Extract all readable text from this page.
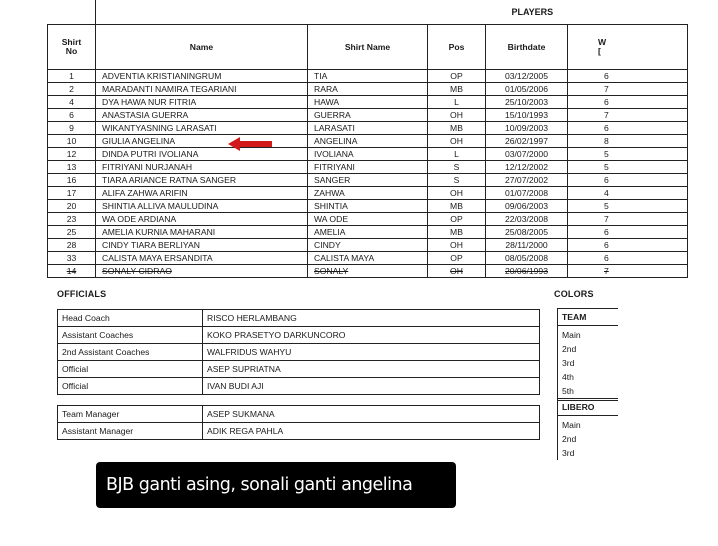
				PLAYERS	
Shirt
No	Name	Shirt Name	Pos	Birthdate	W
[
1	ADVENTIA KRISTIANINGRUM	TIA	OP	03/12/2005	6
2	MARADANTI NAMIRA TEGARIANI	RARA	MB	01/05/2006	7
4	DYA HAWA NUR FITRIA	HAWA	L	25/10/2003	6
6	ANASTASIA GUERRA	GUERRA	OH	15/10/1993	7
9	WIKANTYASNING LARASATI	LARASATI	MB	10/09/2003	6
10	GIULIA ANGELINA	ANGELINA	OH	26/02/1997	8
12	DINDA PUTRI IVOLIANA	IVOLIANA	L	03/07/2000	5
13	FITRIYANI NURJANAH	FITRIYANI	S	12/12/2002	5
16	TIARA ARIANCE RATNA SANGER	SANGER	S	27/07/2002	6
17	ALIFA ZAHWA ARIFIN	ZAHWA	OH	01/07/2008	4
20	SHINTIA ALLIVA MAULUDINA	SHINTIA	MB	09/06/2003	5
23	WA ODE ARDIANA	WA ODE	OP	22/03/2008	7
25	AMELIA KURNIA MAHARANI	AMELIA	MB	25/08/2005	6
28	CINDY TIARA BERLIYAN	CINDY	OH	28/11/2000	6
33	CALISTA MAYA ERSANDITA	CALISTA MAYA	OP	08/05/2008	6
14	SONALY CIDRAO	SONALY	OH	20/06/1993	7
OFFICIALS	COLORS
Head Coach	RISCO HERLAMBANG
Assistant Coaches	KOKO PRASETYO DARKUNCORO
2nd Assistant Coaches	WALFRIDUS WAHYU
Official	ASEP SUPRIATNA
Official	IVAN BUDI AJI
Team Manager	ASEP SUKMANA
Assistant Manager	ADIK REGA PAHLA
TEAM
Main
2nd
3rd
4th
5th
LIBERO
Main
2nd
3rd
BJB ganti asing, sonali ganti angelina
